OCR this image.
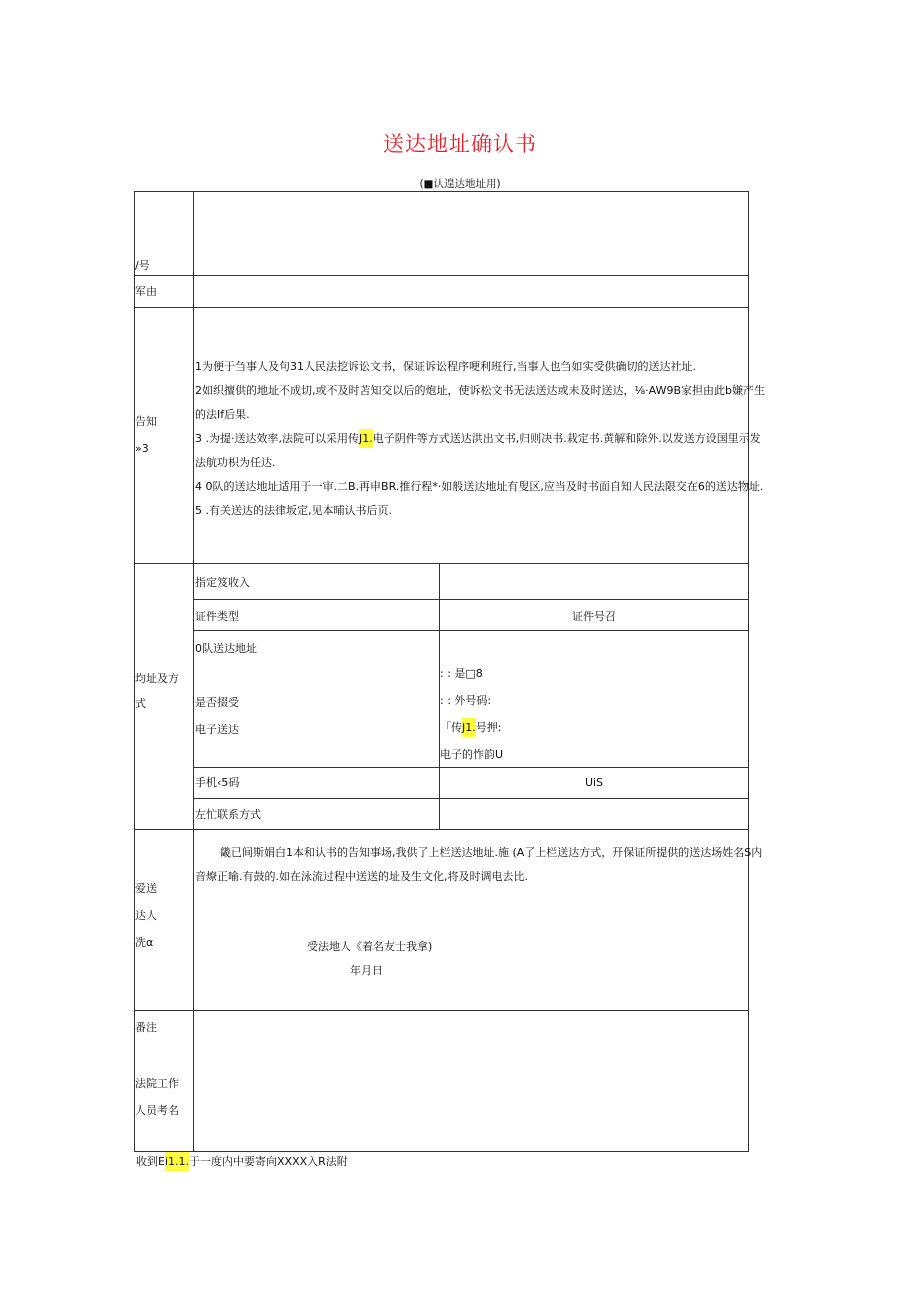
送达地址确认书
(■认遑达地址用)
/号
军由
告知
»3
1为便于刍事人及句31人民法挖诉讼文书，保证诉讼程序哽利班行,当事人也刍如实受供确切的送达社址.
2如织擅供的地址不成切,或不及时苫知交以后的炮址，使诉松文书无法送达或未及时送达，⅛·AW9B家担由此b嫌产生
的法If后果.
3 .为提·送达效率,法院可以采用传J1.电子阴件等方式送达洪出文书,归则决书.栽定书.黄解和除外.以发送方设国里示发
法航功枳为任达.
4 0队的送达地址适用于一审.二B.再申BR.推行程*·如般送达地址有叟区,应当及时书面自知人民法限交在6的送达物址.
5 .有关送达的法律坂定,见本晡认书后页.
均址及方
式
指定笈收入
证件类型	证件号召
0队送达地址
是否掇受
电子送达
: : 是□8
: : 外号码:
「传J1.号押:
电子的怍韵U
手机‹5码	UiS
左忙联系方式
爱送
达人
冼α
畿已间斯娟白1本和认书的告知事场,我供了上栏送达地址.施 (A了上栏送达方式，幵保证所提供的送达场姓名S内
音燎正喻.有鼓的.如在泳流过程中送送的址及生文化,将及时调电去比.
受法地人《着名友士我拿)
年月日
番注
法院工作
人员考名
收到Ei1.1.于一度内中要寄向XXXX入R法附
